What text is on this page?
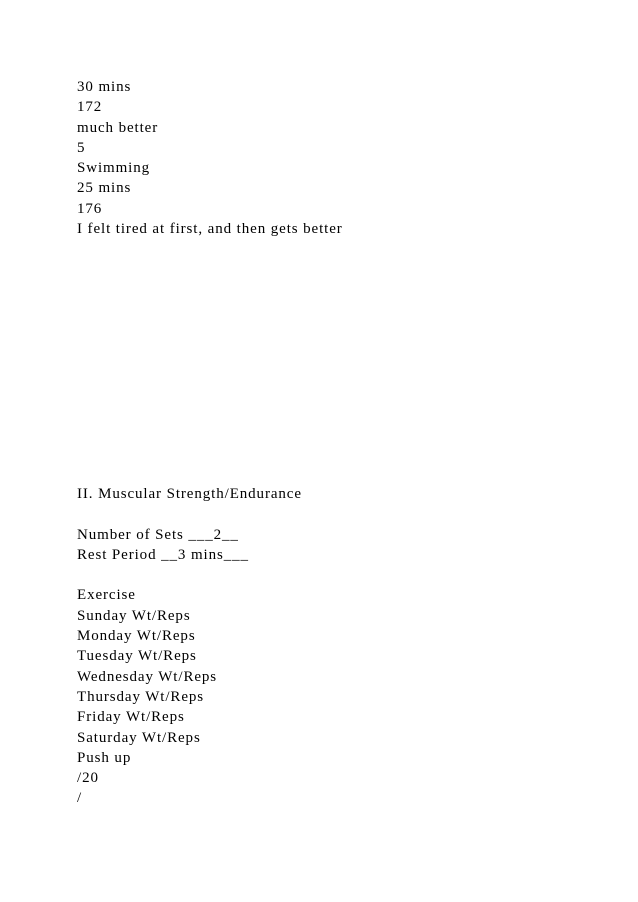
30 mins
172
much better
5
Swimming
25 mins
176
I felt tired at first, and then gets better
II. Muscular Strength/Endurance
Number of Sets ___2__
Rest Period __3 mins___
Exercise
Sunday Wt/Reps
Monday Wt/Reps
Tuesday Wt/Reps
Wednesday Wt/Reps
Thursday Wt/Reps
Friday Wt/Reps
Saturday Wt/Reps
Push up
/20
/
